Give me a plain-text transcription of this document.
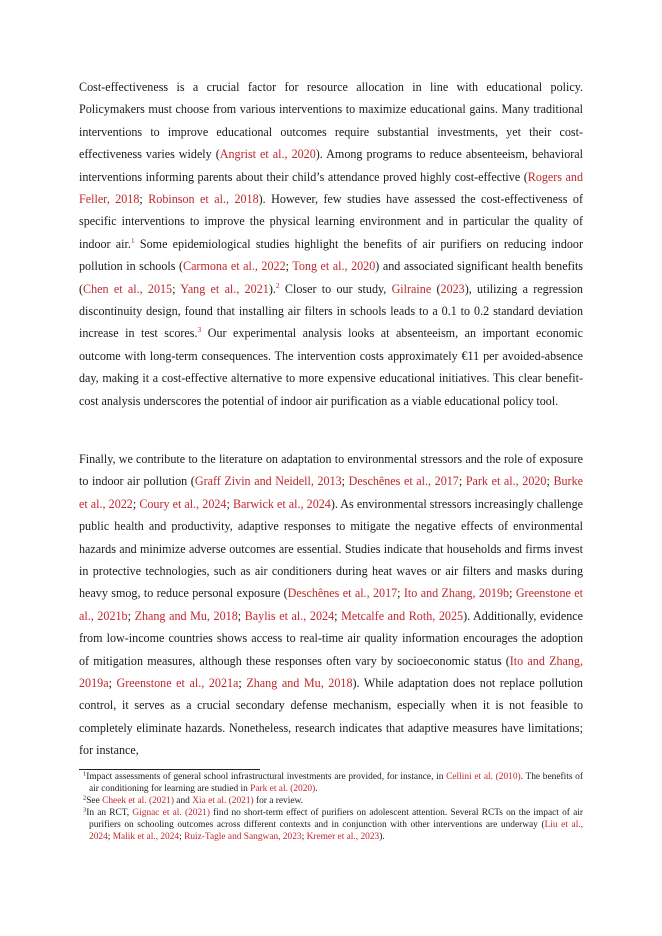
Cost-effectiveness is a crucial factor for resource allocation in line with educational policy. Policymakers must choose from various interventions to maximize educational gains. Many traditional interventions to improve educational outcomes require substantial investments, yet their cost-effectiveness varies widely (Angrist et al., 2020). Among programs to reduce absenteeism, behavioral interventions informing parents about their child’s attendance proved highly cost-effective (Rogers and Feller, 2018; Robinson et al., 2018). However, few studies have assessed the cost-effectiveness of specific interventions to improve the physical learning environment and in particular the quality of indoor air.$^1$ Some epidemiological studies highlight the benefits of air purifiers on reducing indoor pollution in schools (Carmona et al., 2022; Tong et al., 2020) and associated significant health benefits (Chen et al., 2015; Yang et al., 2021).$^2$ Closer to our study, Gilraine (2023), utilizing a regression discontinuity design, found that installing air filters in schools leads to a 0.1 to 0.2 standard deviation increase in test scores.$^3$ Our experimental analysis looks at absenteeism, an important economic outcome with long-term consequences. The intervention costs approximately €11 per avoided-absence day, making it a cost-effective alternative to more expensive educational initiatives. This clear benefit-cost analysis underscores the potential of indoor air purification as a viable educational policy tool.

Finally, we contribute to the literature on adaptation to environmental stressors and the role of exposure to indoor air pollution (Graff Zivin and Neidell, 2013; Deschênes et al., 2017; Park et al., 2020; Burke et al., 2022; Coury et al., 2024; Barwick et al., 2024). As environmental stressors increasingly challenge public health and productivity, adaptive responses to mitigate the negative effects of environmental hazards and minimize adverse outcomes are essential. Studies indicate that households and firms invest in protective technologies, such as air conditioners during heat waves or air filters and masks during heavy smog, to reduce personal exposure (Deschênes et al., 2017; Ito and Zhang, 2019b; Greenstone et al., 2021b; Zhang and Mu, 2018; Baylis et al., 2024; Metcalfe and Roth, 2025). Additionally, evidence from low-income countries shows access to real-time air quality information encourages the adoption of mitigation measures, although these responses often vary by socioeconomic status (Ito and Zhang, 2019a; Greenstone et al., 2021a; Zhang and Mu, 2018). While adaptation does not replace pollution control, it serves as a crucial secondary defense mechanism, especially when it is not feasible to completely eliminate hazards. Nonetheless, research indicates that adaptive measures have limitations; for instance,

$^1$Impact assessments of general school infrastructural investments are provided, for instance, in Cellini et al. (2010). The benefits of air conditioning for learning are studied in Park et al. (2020).

$^2$See Cheek et al. (2021) and Xia et al. (2021) for a review.

$^3$In an RCT, Gignac et al. (2021) find no short-term effect of purifiers on adolescent attention. Several RCTs on the impact of air purifiers on schooling outcomes across different contexts and in conjunction with other interventions are underway (Liu et al., 2024; Malik et al., 2024; Ruiz-Tagle and Sangwan, 2023; Kremer et al., 2023).
